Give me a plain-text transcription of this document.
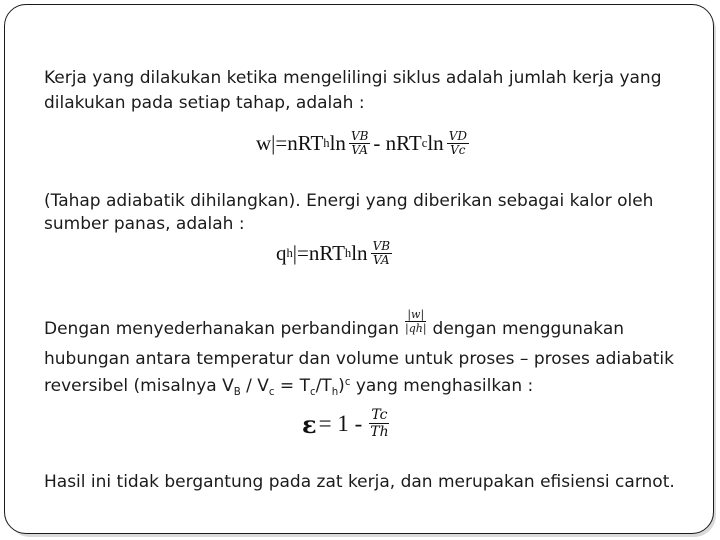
Kerja yang dilakukan ketika mengelilingi siklus adalah jumlah kerja yang

dilakukan pada setiap tahap, adalah :

w|=nRT h $\ln \frac{VB}{VA}$ - nRT c $\ln \frac{VD}{Vc}$

(Tahap adiabatik dihilangkan). Energi yang diberikan sebagai kalor oleh

sumber panas, adalah :

q h |=nRT h $\ln \frac{VB}{VA}$

Dengan menyederhanakan perbandingan $\frac{|w|}{|qh|}$ dengan menggunakan

hubungan antara temperatur dan volume untuk proses – proses adiabatik

reversibel (misalnya $V_B / V_c = T_c/T_h)^c$ yang menghasilkan :

$\varepsilon = 1 - \frac{Tc}{Th}$

Hasil ini tidak bergantung pada zat kerja, dan merupakan efisiensi carnot.
